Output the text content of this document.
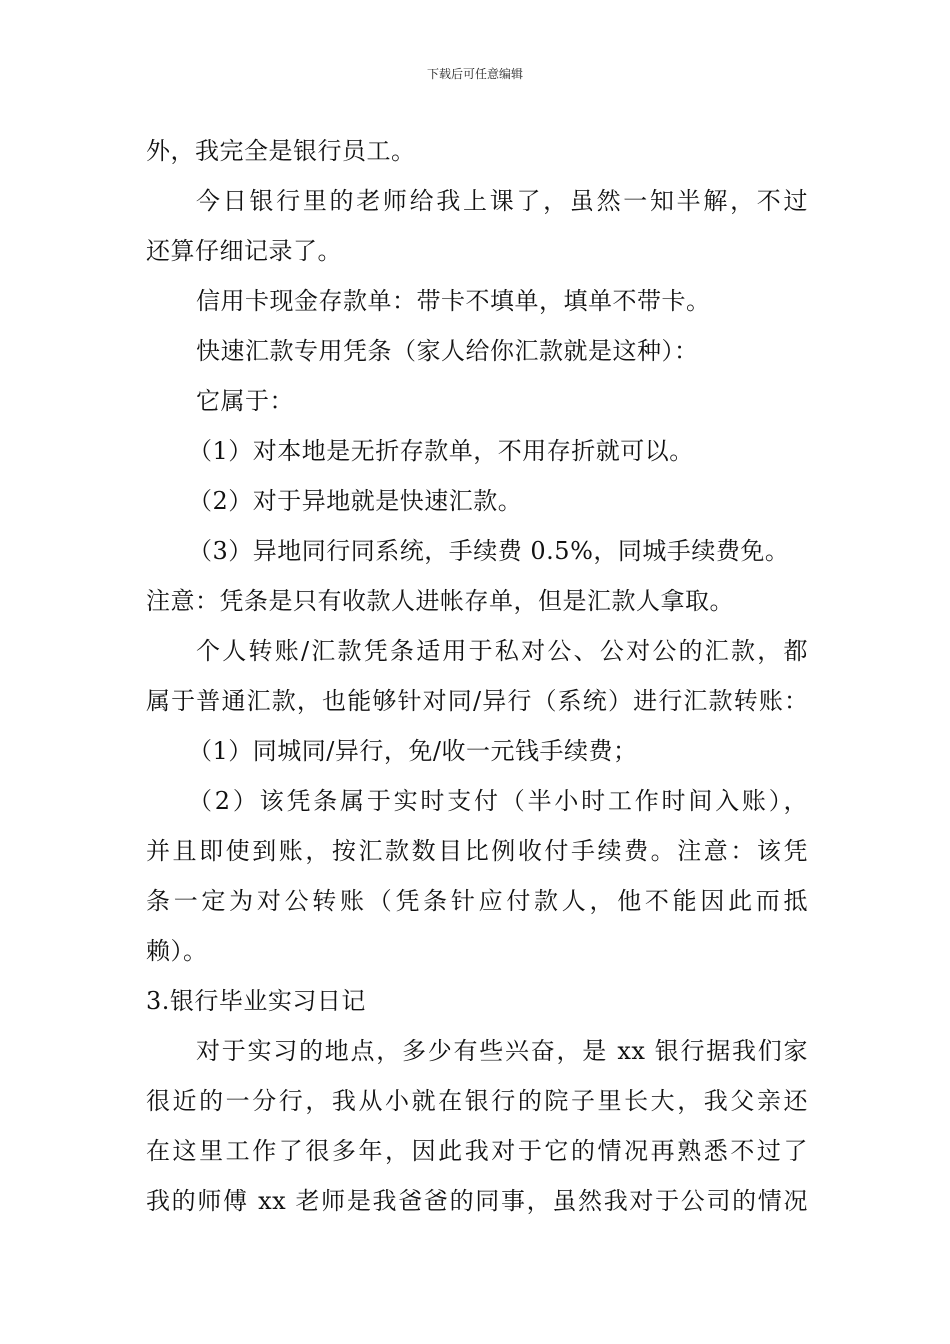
下载后可任意编辑
外，我完全是银行员工。
今日银行里的老师给我上课了，虽然一知半解，不过
还算仔细记录了。
信用卡现金存款单：带卡不填单，填单不带卡。
快速汇款专用凭条（家人给你汇款就是这种）：
它属于：
（1）对本地是无折存款单，不用存折就可以。
（2）对于异地就是快速汇款。
（3）异地同行同系统，手续费 0.5%，同城手续费免。
注意：凭条是只有收款人进帐存单，但是汇款人拿取。
个人转账/汇款凭条适用于私对公、公对公的汇款，都
属于普通汇款，也能够针对同/异行（系统）进行汇款转账：
（1）同城同/异行，免/收一元钱手续费；
（2）该凭条属于实时支付（半小时工作时间入账），
并且即使到账，按汇款数目比例收付手续费。注意：该凭
条一定为对公转账（凭条针应付款人，他不能因此而抵
赖）。
3.银行毕业实习日记
对于实习的地点，多少有些兴奋，是 xx 银行据我们家
很近的一分行，我从小就在银行的院子里长大，我父亲还
在这里工作了很多年，因此我对于它的情况再熟悉不过了
我的师傅 xx 老师是我爸爸的同事，虽然我对于公司的情况
